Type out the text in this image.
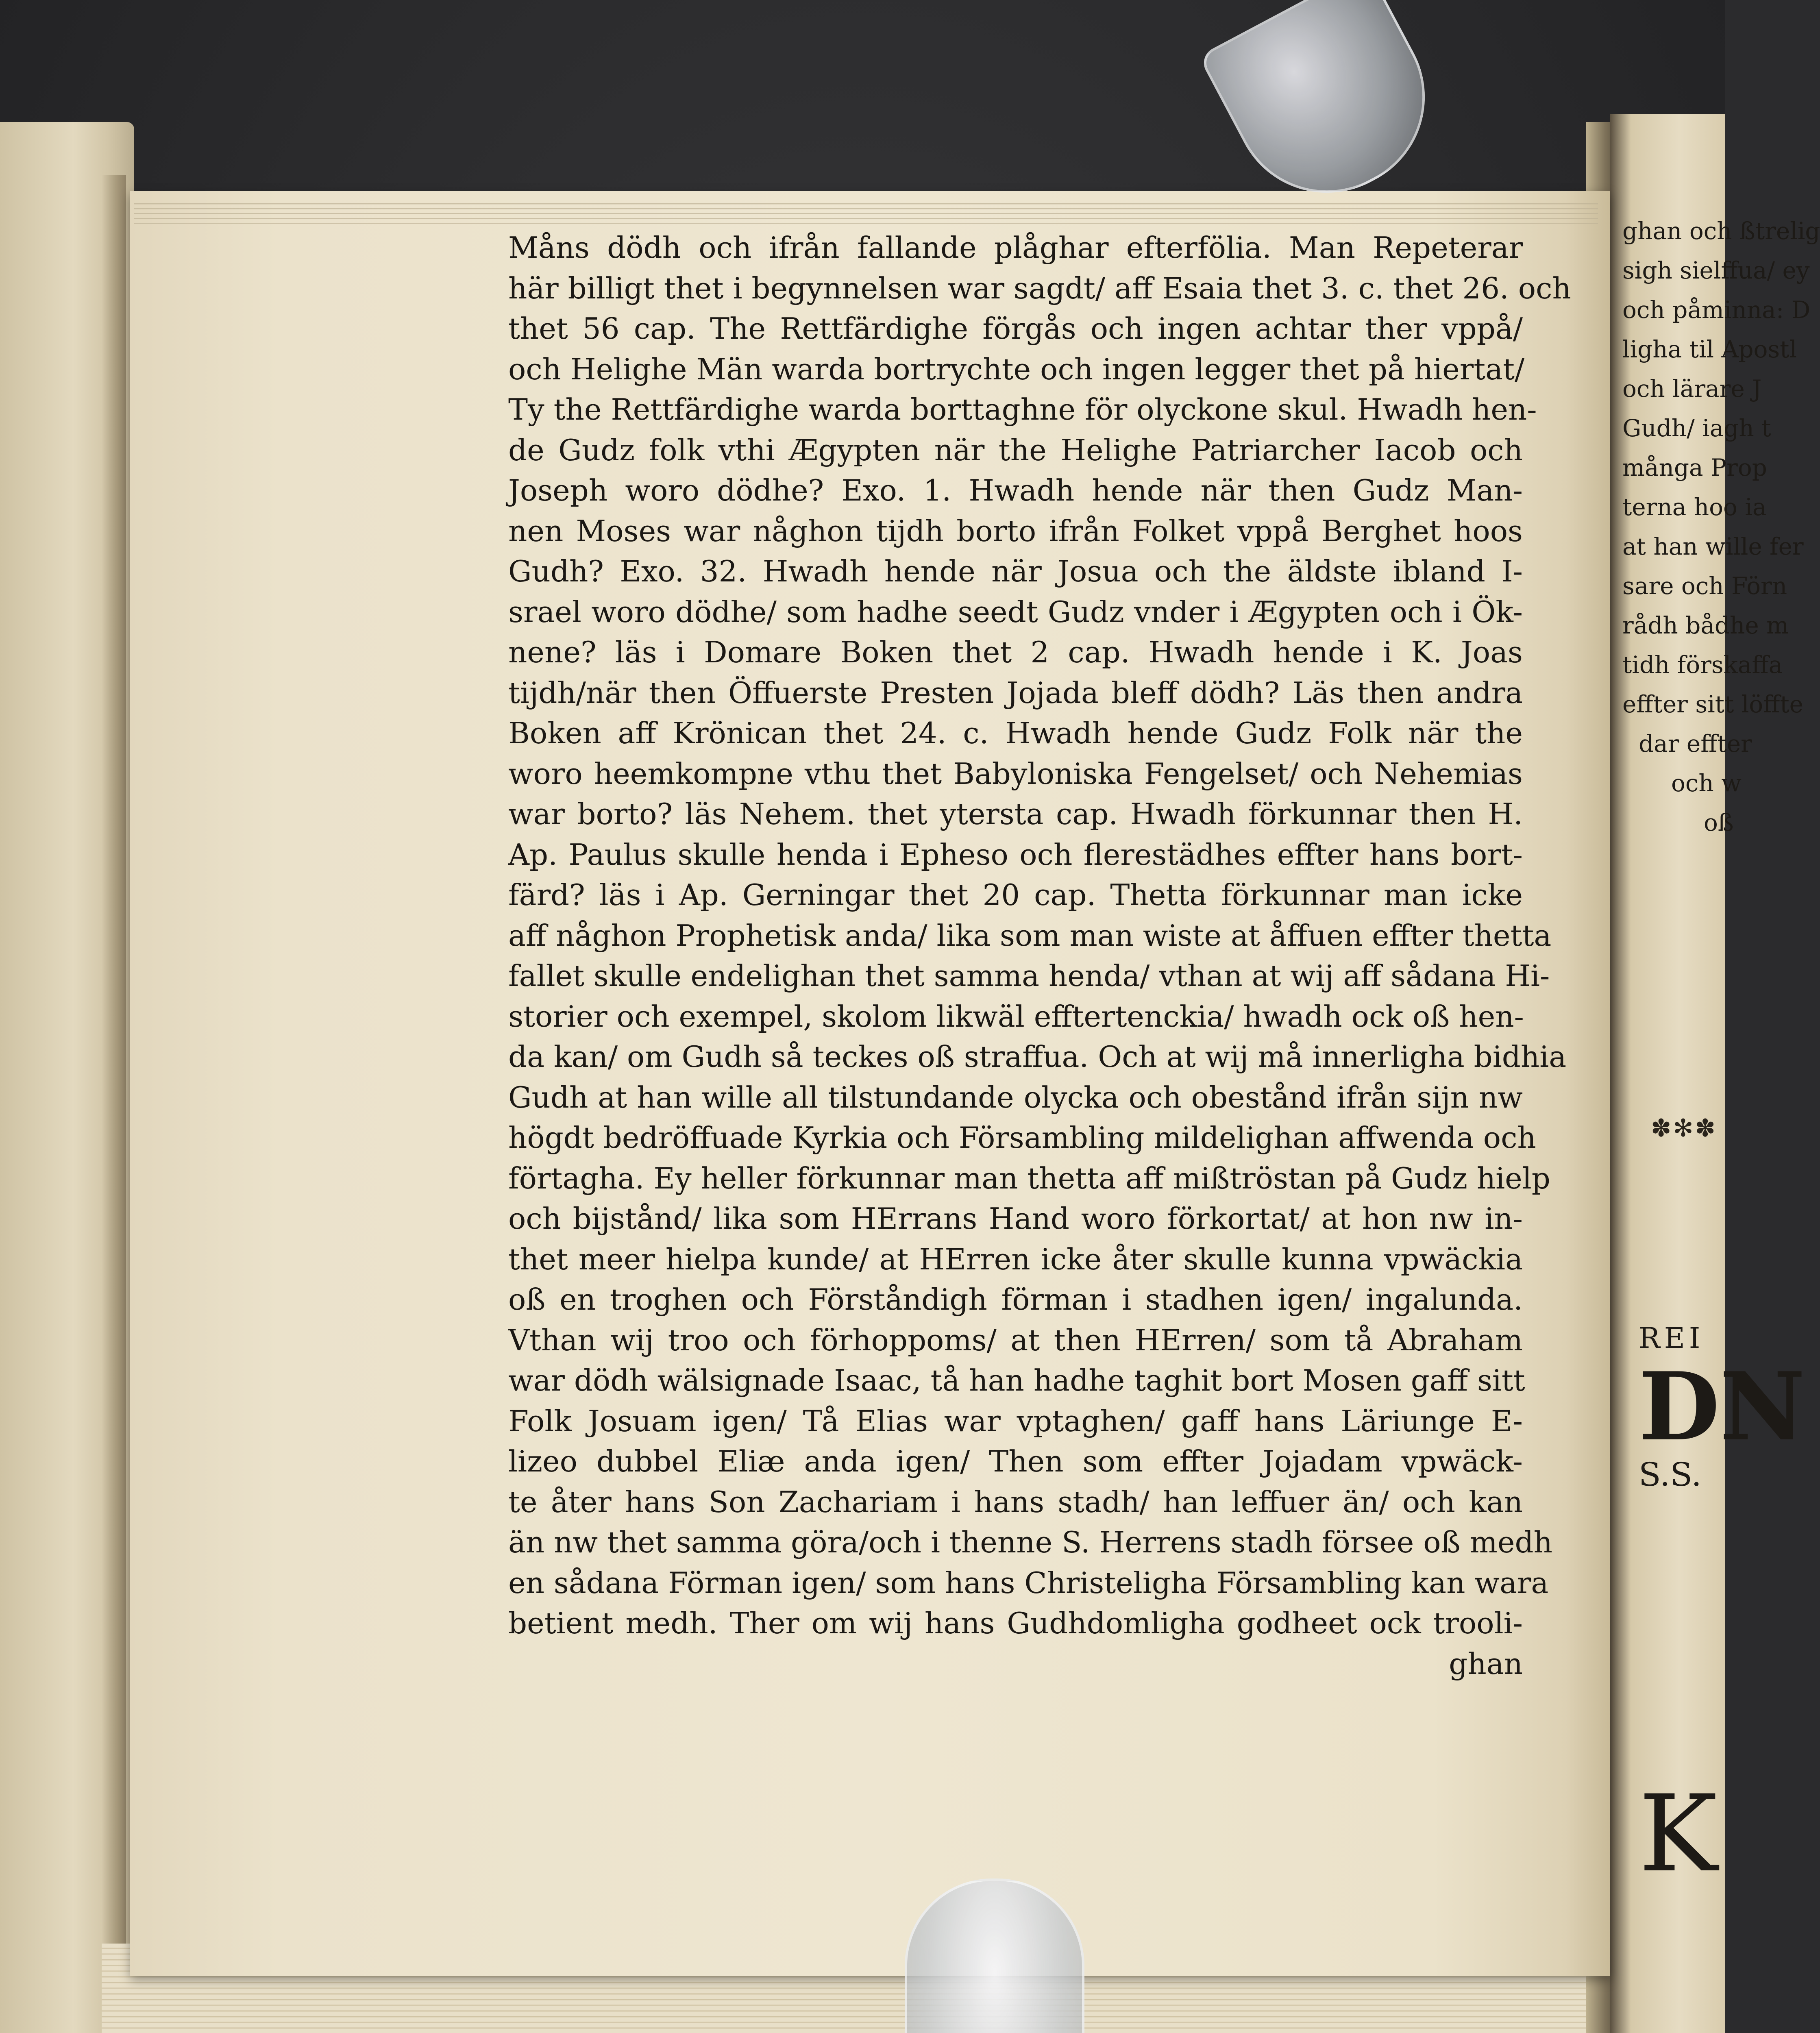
Måns dödh och ifrån fallande plåghar efterfölia. Man Repeterar
här billigt thet i begynnelsen war sagdt/ aff Esaia thet 3. c. thet 26. och
thet 56 cap. The Rettfärdighe förgås och ingen achtar ther vppå/
och Helighe Män warda bortrychte och ingen legger thet på hiertat/
Ty the Rettfärdighe warda borttaghne för olyckone skul. Hwadh hen-
de Gudz folk vthi Ægypten när the Helighe Patriarcher Iacob och
Joseph woro dödhe? Exo. 1. Hwadh hende när then Gudz Man-
nen Moses war någhon tijdh borto ifrån Folket vppå Berghet hoos
Gudh? Exo. 32. Hwadh hende när Josua och the äldste ibland I-
srael woro dödhe/ som hadhe seedt Gudz vnder i Ægypten och i Ök-
nene? läs i Domare Boken thet 2 cap. Hwadh hende i K. Joas
tijdh/när then Öffuerste Presten Jojada bleff dödh? Läs then andra
Boken aff Krönican thet 24. c. Hwadh hende Gudz Folk när the
woro heemkompne vthu thet Babyloniska Fengelset/ och Nehemias
war borto? läs Nehem. thet ytersta cap. Hwadh förkunnar then H.
Ap. Paulus skulle henda i Epheso och flerestädhes effter hans bort-
färd? läs i Ap. Gerningar thet 20 cap. Thetta förkunnar man icke
aff någhon Prophetisk anda/ lika som man wiste at åffuen effter thetta
fallet skulle endelighan thet samma henda/ vthan at wij aff sådana Hi-
storier och exempel, skolom likwäl efftertenckia/ hwadh ock oß hen-
da kan/ om Gudh så teckes oß straffua. Och at wij må innerligha bidhia
Gudh at han wille all tilstundande olycka och obestånd ifrån sijn nw
högdt bedröffuade Kyrkia och Försambling mildelighan affwenda och
förtagha. Ey heller förkunnar man thetta aff mißtröstan på Gudz hielp
och bijstånd/ lika som HErrans Hand woro förkortat/ at hon nw in-
thet meer hielpa kunde/ at HErren icke åter skulle kunna vpwäckia
oß en troghen och Förståndigh förman i stadhen igen/ ingalunda.
Vthan wij troo och förhoppoms/ at then HErren/ som tå Abraham
war dödh wälsignade Isaac, tå han hadhe taghit bort Mosen gaff sitt
Folk Josuam igen/ Tå Elias war vptaghen/ gaff hans Läriunge E-
lizeo dubbel Eliæ anda igen/ Then som effter Jojadam vpwäck-
te åter hans Son Zachariam i hans stadh/ han leffuer än/ och kan
än nw thet samma göra/och i thenne S. Herrens stadh försee oß medh
en sådana Förman igen/ som hans Christeligha Försambling kan wara
betient medh. Ther om wij hans Gudhdomligha godheet ock trooli-
ghan
ghan och ßtrelig
sigh sielffua/ ey
och påminna: D
ligha til Apostl
och lärare J
Gudh/ iagh t
många Prop
terna hoo ia
at han wille fer
sare och Förn
rådh bådhe m
tidh förskaffa
effter sitt löffte
dar effter
och w
oß
✽✻✽
REI
DN
S.S.
K
